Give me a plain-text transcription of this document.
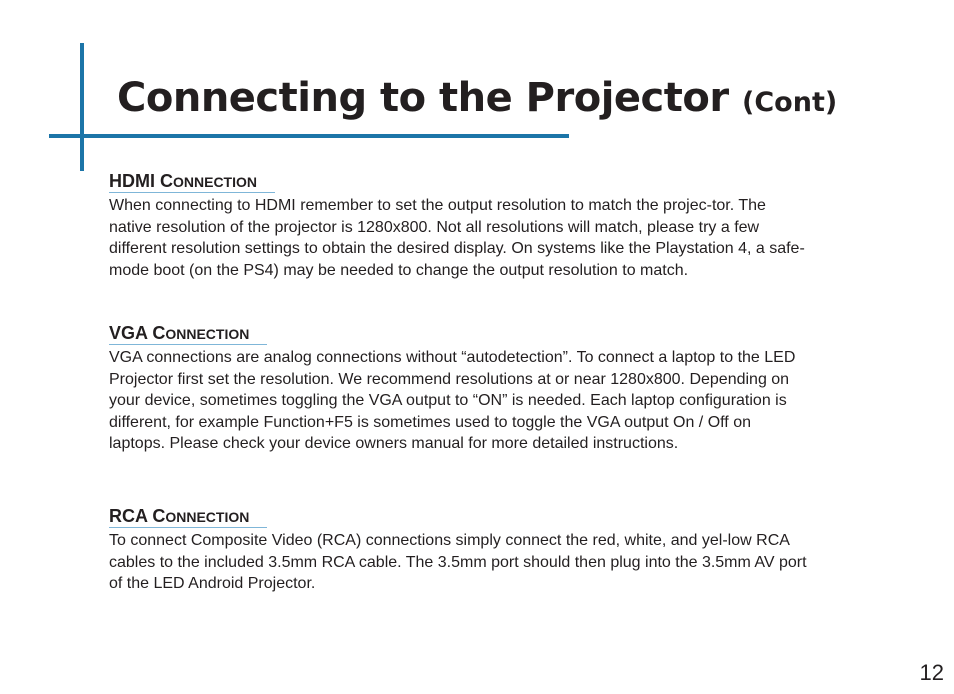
Connecting to the Projector (Cont)
HDMI CONNECTION

When connecting to HDMI remember to set the output resolution to match the projec-tor. The native resolution of the projector is 1280x800. Not all resolutions will match, please try a few different resolution settings to obtain the desired display. On systems like the Playstation 4, a safe-mode boot (on the PS4) may be needed to change the output resolution to match.

VGA CONNECTION

VGA connections are analog connections without “autodetection”. To connect a laptop to the LED Projector first set the resolution. We recommend resolutions at or near 1280x800. Depending on your device, sometimes toggling the VGA output to “ON” is needed. Each laptop configuration is different, for example Function+F5 is sometimes used to toggle the VGA output On / Off on laptops. Please check your device owners manual for more detailed instructions.

RCA CONNECTION

To connect Composite Video (RCA) connections simply connect the red, white, and yel-low RCA cables to the included 3.5mm RCA cable. The 3.5mm port should then plug into the 3.5mm AV port of the LED Android Projector.

12
